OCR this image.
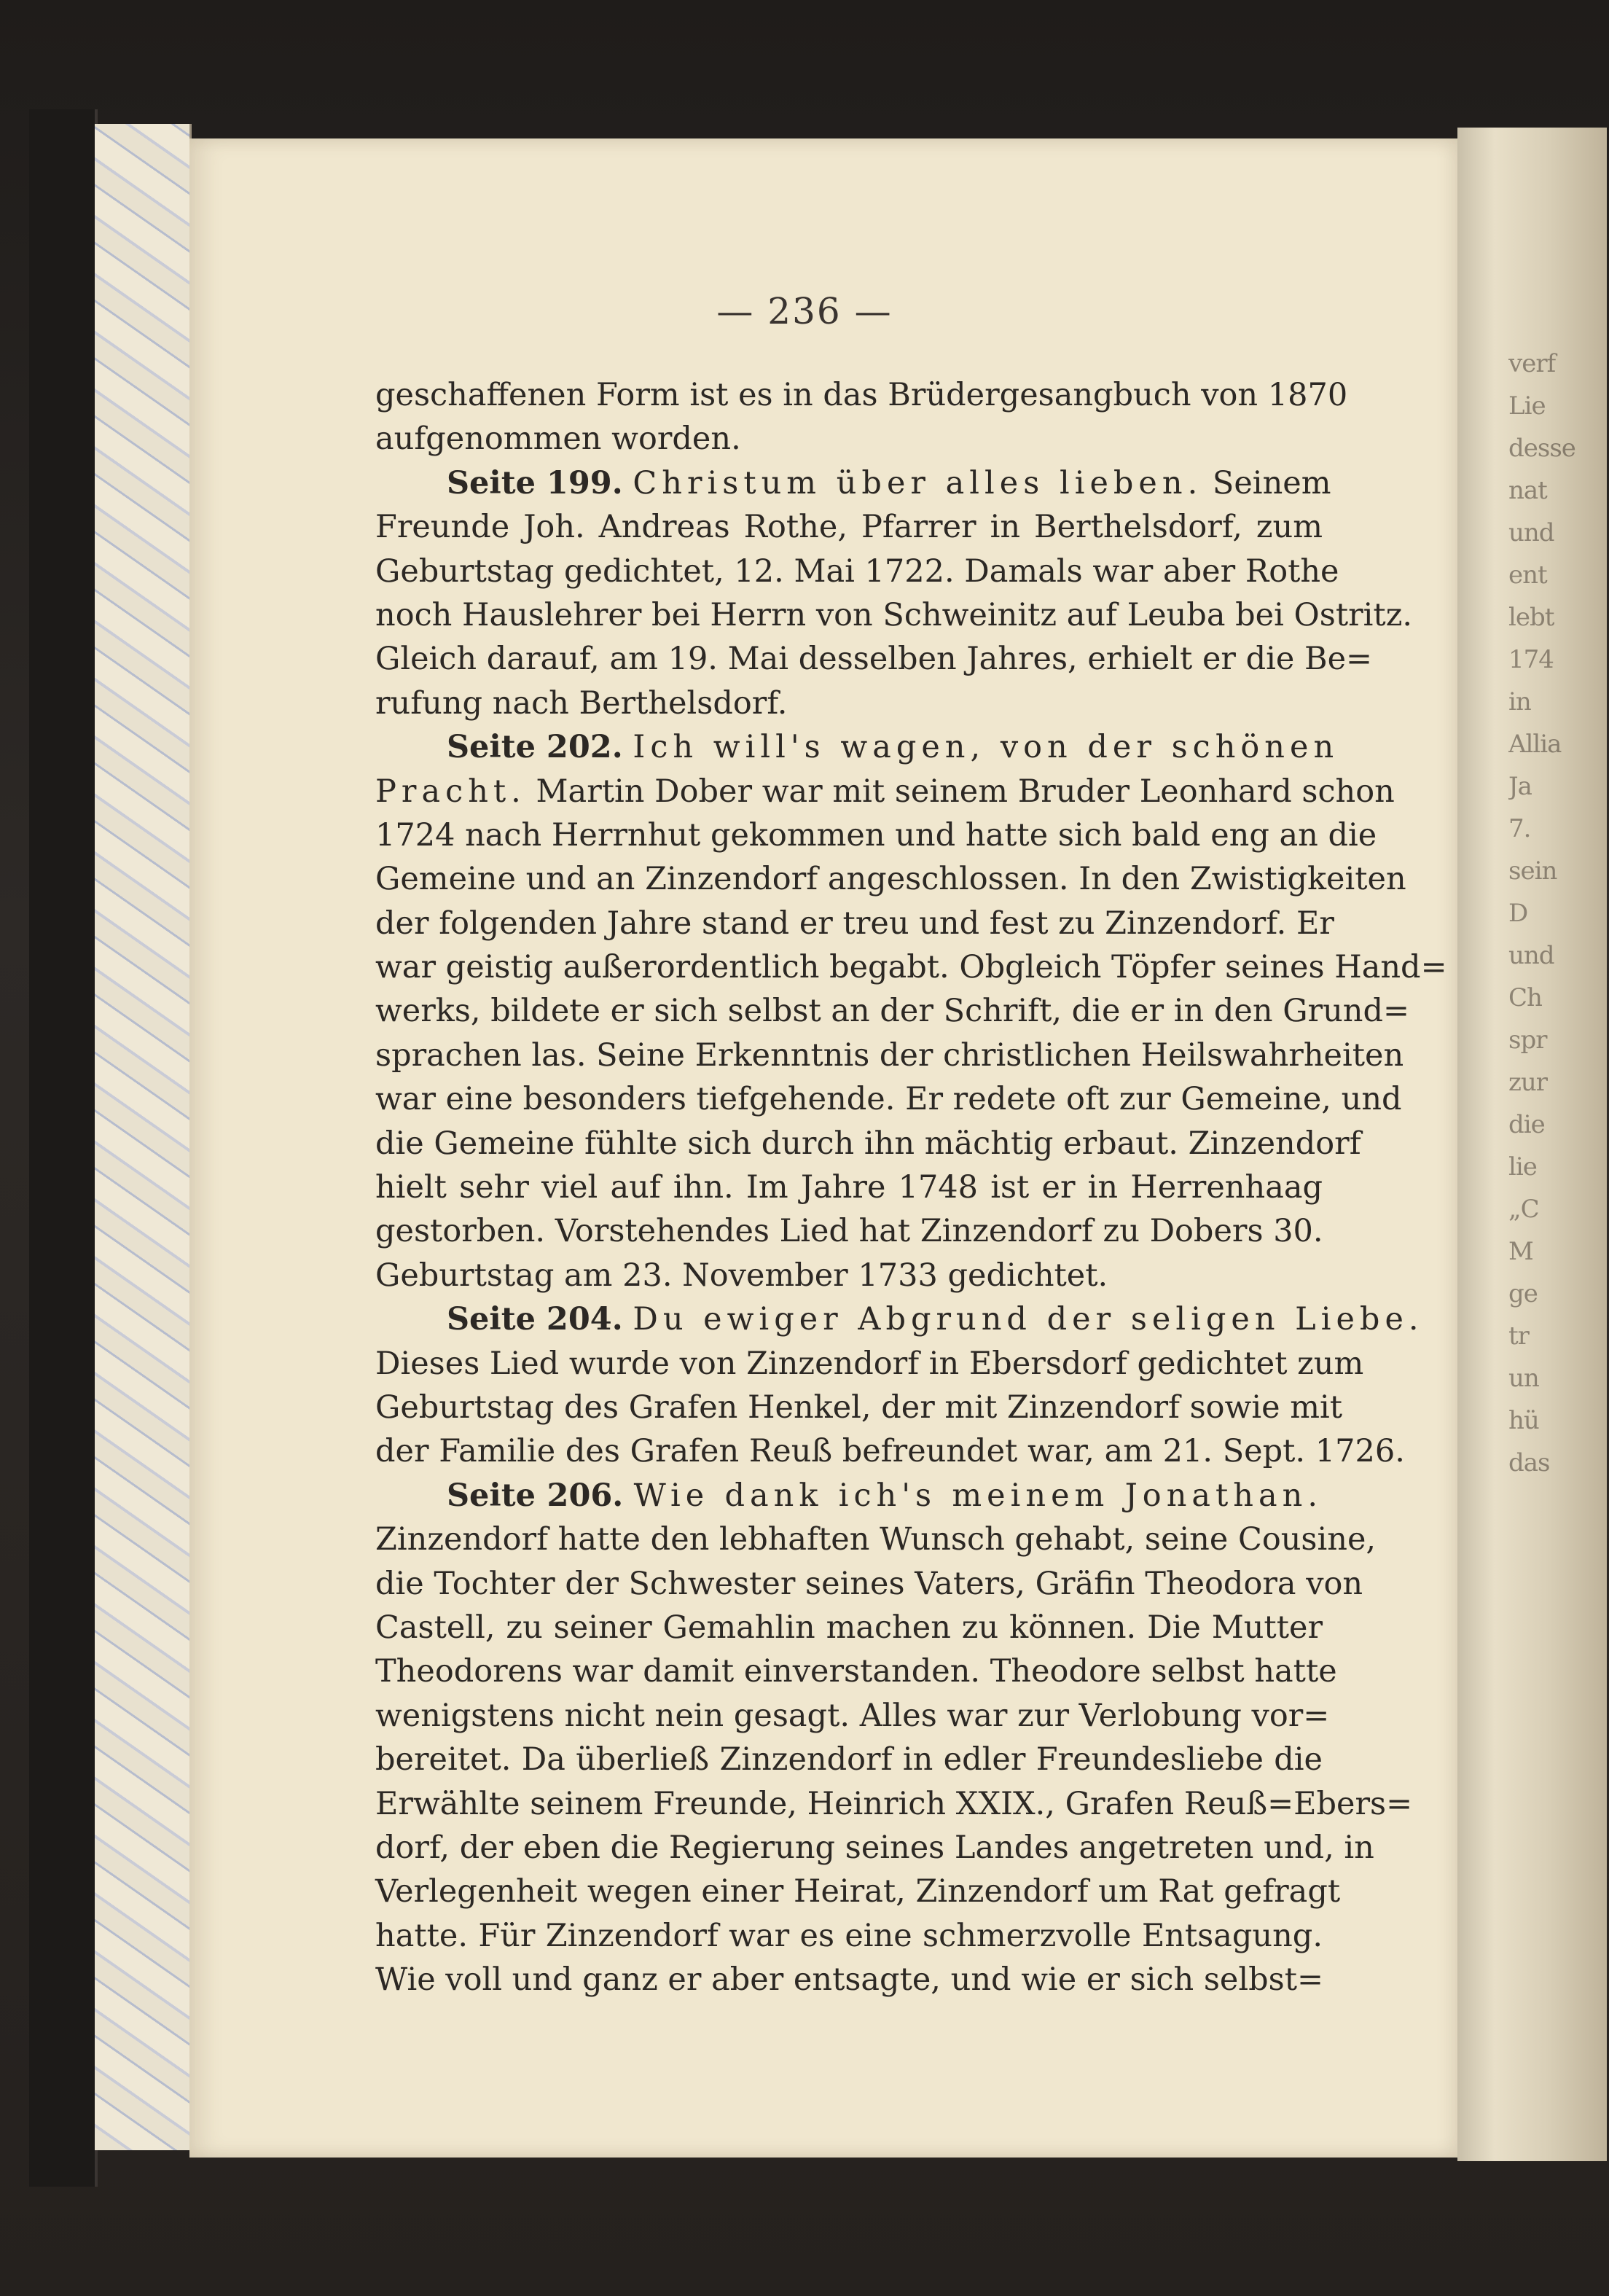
verf
Lie
desse
nat
und
ent
lebt
174
in
Allia
Ja
7.
sein
D
und
Ch
spr
zur
die
lie
„C
M
ge
tr
un
hü
das
— 236 —
geschaffenen Form ist es in das Brüdergesangbuch von 1870
aufgenommen worden.
Seite 199. Christum über alles lieben. Seinem
Freunde Joh. Andreas Rothe, Pfarrer in Berthelsdorf, zum
Geburtstag gedichtet, 12. Mai 1722. Damals war aber Rothe
noch Hauslehrer bei Herrn von Schweinitz auf Leuba bei Ostritz.
Gleich darauf, am 19. Mai desselben Jahres, erhielt er die Be=
rufung nach Berthelsdorf.
Seite 202. Ich will's wagen, von der schönen
Pracht. Martin Dober war mit seinem Bruder Leonhard schon
1724 nach Herrnhut gekommen und hatte sich bald eng an die
Gemeine und an Zinzendorf angeschlossen. In den Zwistigkeiten
der folgenden Jahre stand er treu und fest zu Zinzendorf. Er
war geistig außerordentlich begabt. Obgleich Töpfer seines Hand=
werks, bildete er sich selbst an der Schrift, die er in den Grund=
sprachen las. Seine Erkenntnis der christlichen Heilswahrheiten
war eine besonders tiefgehende. Er redete oft zur Gemeine, und
die Gemeine fühlte sich durch ihn mächtig erbaut. Zinzendorf
hielt sehr viel auf ihn. Im Jahre 1748 ist er in Herrenhaag
gestorben. Vorstehendes Lied hat Zinzendorf zu Dobers 30.
Geburtstag am 23. November 1733 gedichtet.
Seite 204. Du ewiger Abgrund der seligen Liebe.
Dieses Lied wurde von Zinzendorf in Ebersdorf gedichtet zum
Geburtstag des Grafen Henkel, der mit Zinzendorf sowie mit
der Familie des Grafen Reuß befreundet war, am 21. Sept. 1726.
Seite 206. Wie dank ich's meinem Jonathan.
Zinzendorf hatte den lebhaften Wunsch gehabt, seine Cousine,
die Tochter der Schwester seines Vaters, Gräfin Theodora von
Castell, zu seiner Gemahlin machen zu können. Die Mutter
Theodorens war damit einverstanden. Theodore selbst hatte
wenigstens nicht nein gesagt. Alles war zur Verlobung vor=
bereitet. Da überließ Zinzendorf in edler Freundesliebe die
Erwählte seinem Freunde, Heinrich XXIX., Grafen Reuß=Ebers=
dorf, der eben die Regierung seines Landes angetreten und, in
Verlegenheit wegen einer Heirat, Zinzendorf um Rat gefragt
hatte. Für Zinzendorf war es eine schmerzvolle Entsagung.
Wie voll und ganz er aber entsagte, und wie er sich selbst=
